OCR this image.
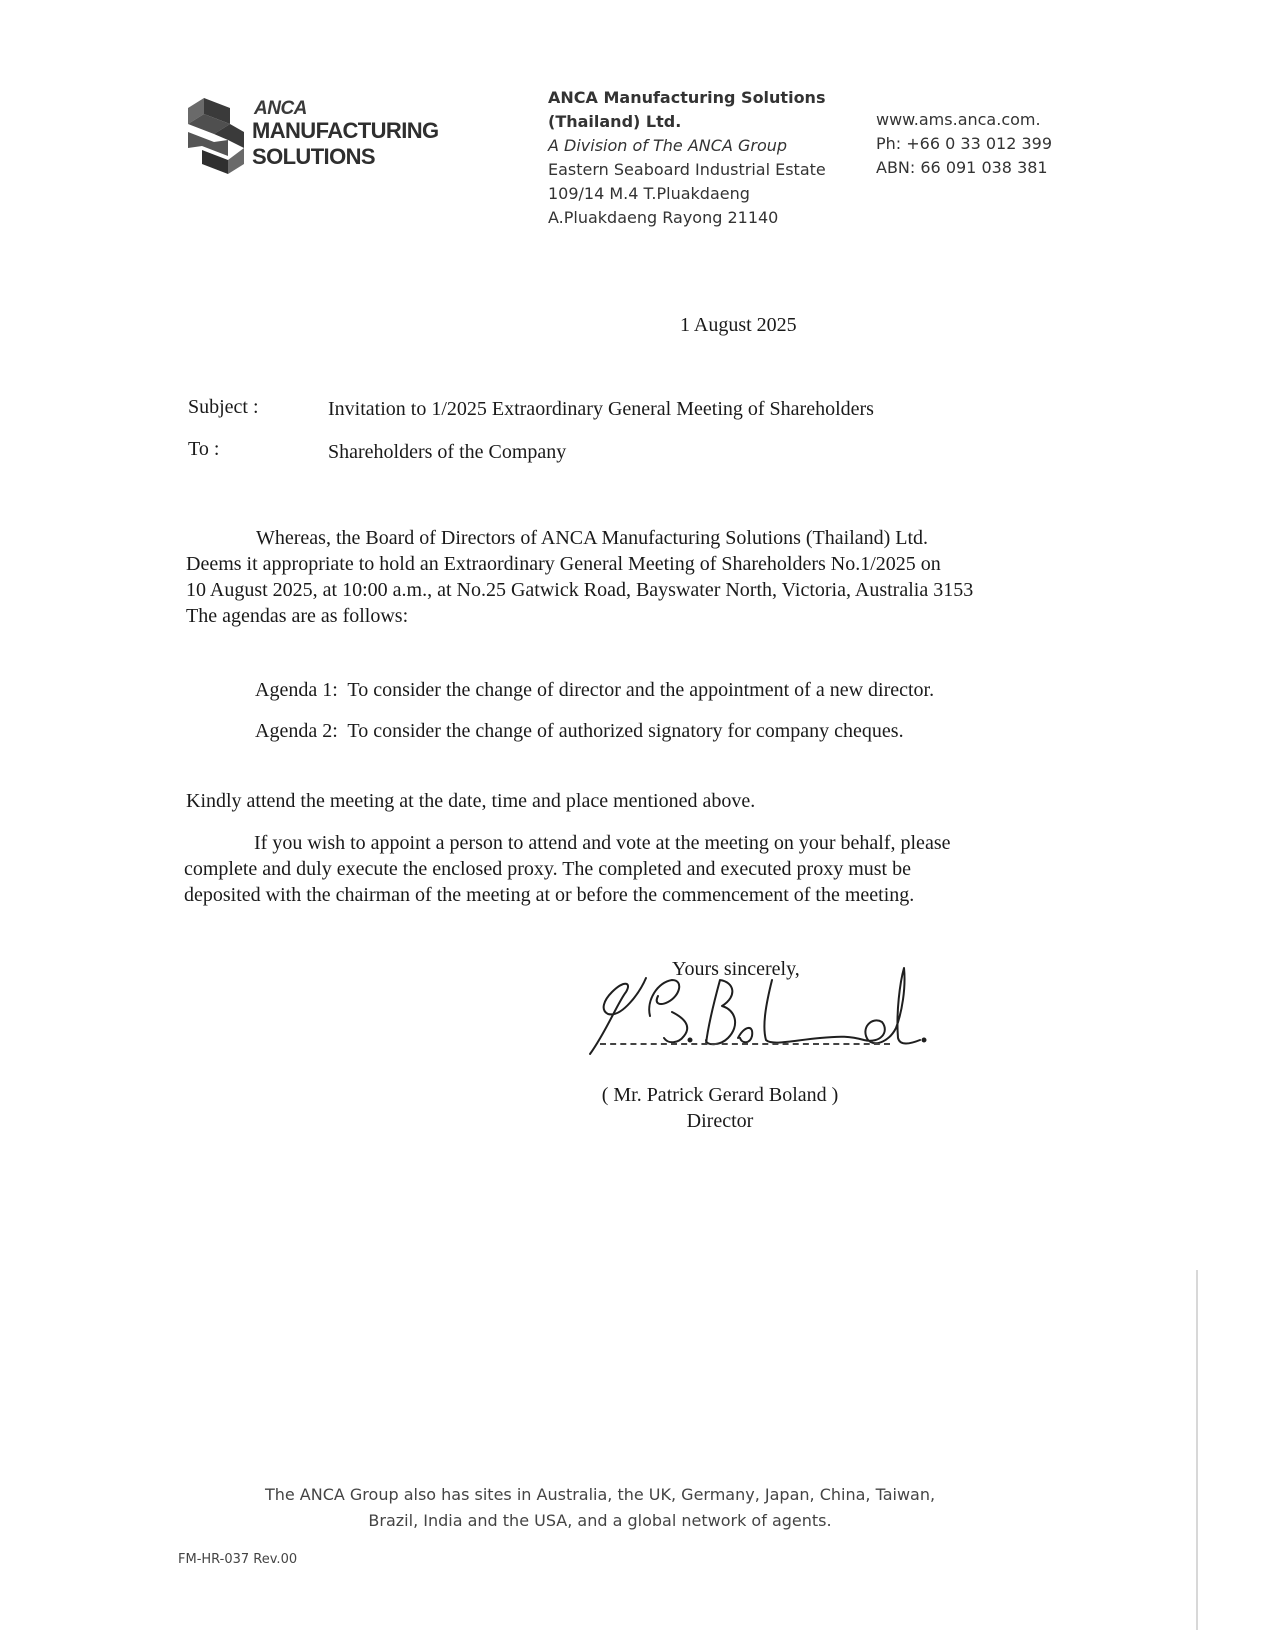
ANCA
MANUFACTURING
SOLUTIONS
ANCA Manufacturing Solutions
(Thailand) Ltd.
A Division of The ANCA Group
Eastern Seaboard Industrial Estate
109/14 M.4 T.Pluakdaeng
A.Pluakdaeng Rayong 21140
www.ams.anca.com.
Ph: +66 0 33 012 399
ABN: 66 091 038 381
1 August 2025
Subject :	Invitation to 1/2025 Extraordinary General Meeting of Shareholders
To :	Shareholders of the Company
Whereas, the Board of Directors of ANCA Manufacturing Solutions (Thailand) Ltd.
Deems it appropriate to hold an Extraordinary General Meeting of Shareholders No.1/2025 on
10 August 2025, at 10:00 a.m., at No.25 Gatwick Road, Bayswater North, Victoria, Australia 3153
The agendas are as follows:
Agenda 1:  To consider the change of director and the appointment of a new director.
Agenda 2:  To consider the change of authorized signatory for company cheques.
Kindly attend the meeting at the date, time and place mentioned above.
If you wish to appoint a person to attend and vote at the meeting on your behalf, please
complete and duly execute the enclosed proxy. The completed and executed proxy must be
deposited with the chairman of the meeting at or before the commencement of the meeting.
Yours sincerely,
( Mr. Patrick Gerard Boland )
Director
The ANCA Group also has sites in Australia, the UK, Germany, Japan, China, Taiwan,
Brazil, India and the USA, and a global network of agents.
FM-HR-037 Rev.00
